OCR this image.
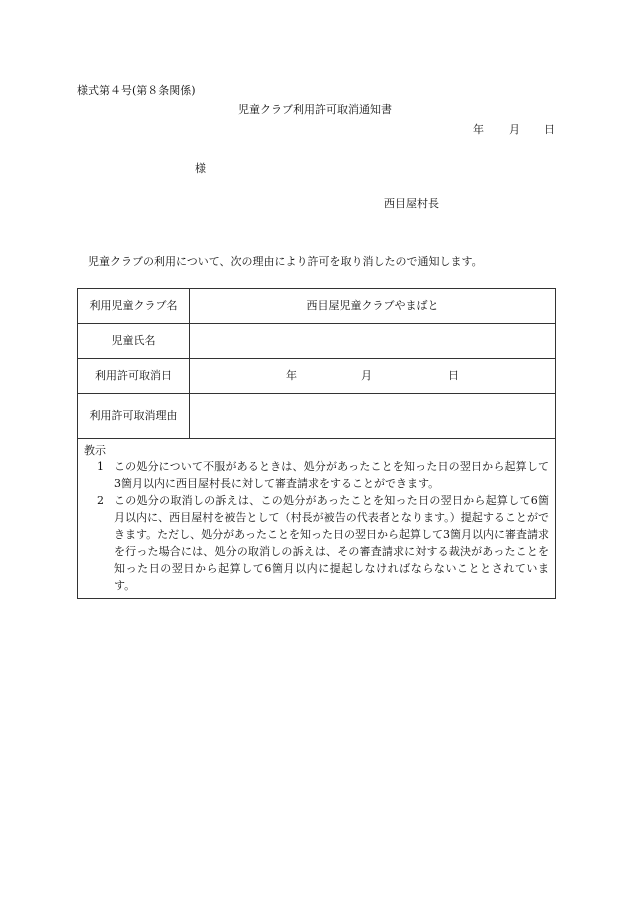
様式第４号(第８条関係)
児童クラブ利用許可取消通知書
年 月 日
様
西目屋村長
児童クラブの利用について、次の理由により許可を取り消したので通知します。
利用児童クラブ名	西目屋児童クラブやまばと
児童氏名	
利用許可取消日	年 月 日
利用許可取消理由	

教示
1 この処分について不服があるときは、処分があったことを知った日の翌日から起算して3箇月以内に西目屋村長に対して審査請求をすることができます。
2 この処分の取消しの訴えは、この処分があったことを知った日の翌日から起算して6箇月以内に、西目屋村を被告として（村長が被告の代表者となります。）提起することができます。ただし、処分があったことを知った日の翌日から起算して3箇月以内に審査請求を行った場合には、処分の取消しの訴えは、その審査請求に対する裁決があったことを知った日の翌日から起算して6箇月以内に提起しなければならないこととされています。	
